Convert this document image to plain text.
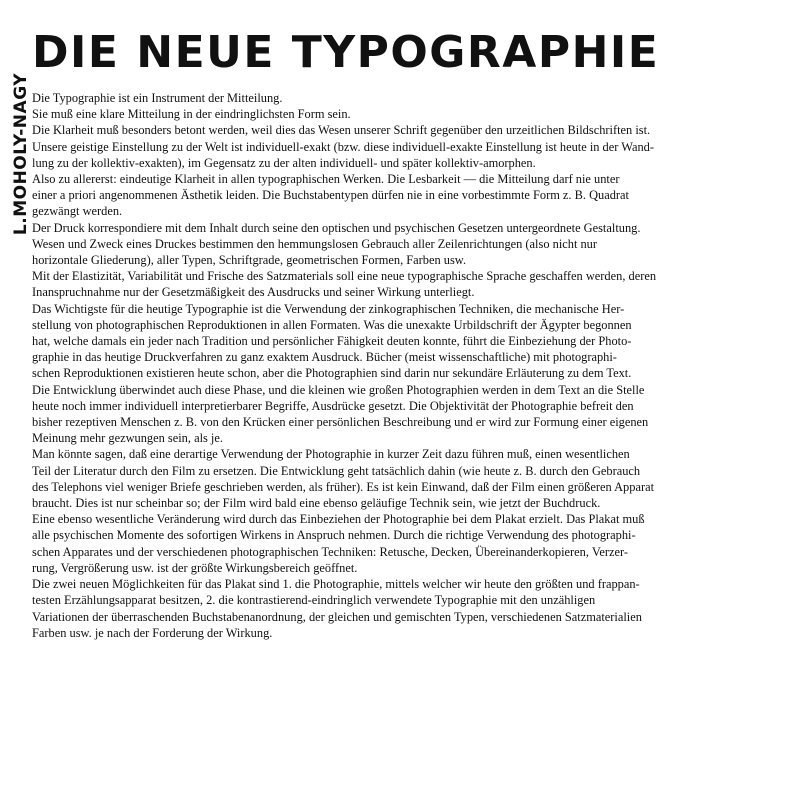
L.MOHOLY-NAGY
DIE NEUE TYPOGRAPHIE
Die Typographie ist ein Instrument der Mitteilung.
Sie muß eine klare Mitteilung in der eindringlichsten Form sein.
Die Klarheit muß besonders betont werden, weil dies das Wesen unserer Schrift gegenüber den urzeitlichen Bildschriften ist.
Unsere geistige Einstellung zu der Welt ist individuell-exakt (bzw. diese individuell-exakte Einstellung ist heute in der Wand-
lung zu der kollektiv-exakten), im Gegensatz zu der alten individuell- und später kollektiv-amorphen.
Also zu allererst: eindeutige Klarheit in allen typographischen Werken. Die Lesbarkeit — die Mitteilung darf nie unter
einer a priori angenommenen Ästhetik leiden. Die Buchstabentypen dürfen nie in eine vorbestimmte Form z. B. Quadrat
gezwängt werden.
Der Druck korrespondiere mit dem Inhalt durch seine den optischen und psychischen Gesetzen untergeordnete Gestaltung.
Wesen und Zweck eines Druckes bestimmen den hemmungslosen Gebrauch aller Zeilenrichtungen (also nicht nur
horizontale Gliederung), aller Typen, Schriftgrade, geometrischen Formen, Farben usw.
Mit der Elastizität, Variabilität und Frische des Satzmaterials soll eine neue typographische Sprache geschaffen werden, deren
Inanspruchnahme nur der Gesetzmäßigkeit des Ausdrucks und seiner Wirkung unterliegt.
Das Wichtigste für die heutige Typographie ist die Verwendung der zinkographischen Techniken, die mechanische Her-
stellung von photographischen Reproduktionen in allen Formaten. Was die unexakte Urbildschrift der Ägypter begonnen
hat, welche damals ein jeder nach Tradition und persönlicher Fähigkeit deuten konnte, führt die Einbeziehung der Photo-
graphie in das heutige Druckverfahren zu ganz exaktem Ausdruck. Bücher (meist wissenschaftliche) mit photographi-
schen Reproduktionen existieren heute schon, aber die Photographien sind darin nur sekundäre Erläuterung zu dem Text.
Die Entwicklung überwindet auch diese Phase, und die kleinen wie großen Photographien werden in dem Text an die Stelle
heute noch immer individuell interpretierbarer Begriffe, Ausdrücke gesetzt. Die Objektivität der Photographie befreit den
bisher rezeptiven Menschen z. B. von den Krücken einer persönlichen Beschreibung und er wird zur Formung einer eigenen
Meinung mehr gezwungen sein, als je.
Man könnte sagen, daß eine derartige Verwendung der Photographie in kurzer Zeit dazu führen muß, einen wesentlichen
Teil der Literatur durch den Film zu ersetzen. Die Entwicklung geht tatsächlich dahin (wie heute z. B. durch den Gebrauch
des Telephons viel weniger Briefe geschrieben werden, als früher). Es ist kein Einwand, daß der Film einen größeren Apparat
braucht. Dies ist nur scheinbar so; der Film wird bald eine ebenso geläufige Technik sein, wie jetzt der Buchdruck.
Eine ebenso wesentliche Veränderung wird durch das Einbeziehen der Photographie bei dem Plakat erzielt. Das Plakat muß
alle psychischen Momente des sofortigen Wirkens in Anspruch nehmen. Durch die richtige Verwendung des photographi-
schen Apparates und der verschiedenen photographischen Techniken: Retusche, Decken, Übereinanderkopieren, Verzer-
rung, Vergrößerung usw. ist der größte Wirkungsbereich geöffnet.
Die zwei neuen Möglichkeiten für das Plakat sind 1. die Photographie, mittels welcher wir heute den größten und frappan-
testen Erzählungsapparat besitzen, 2. die kontrastierend-eindringlich verwendete Typographie mit den unzähligen
Variationen der überraschenden Buchstabenanordnung, der gleichen und gemischten Typen, verschiedenen Satzmaterialien
Farben usw. je nach der Forderung der Wirkung.
